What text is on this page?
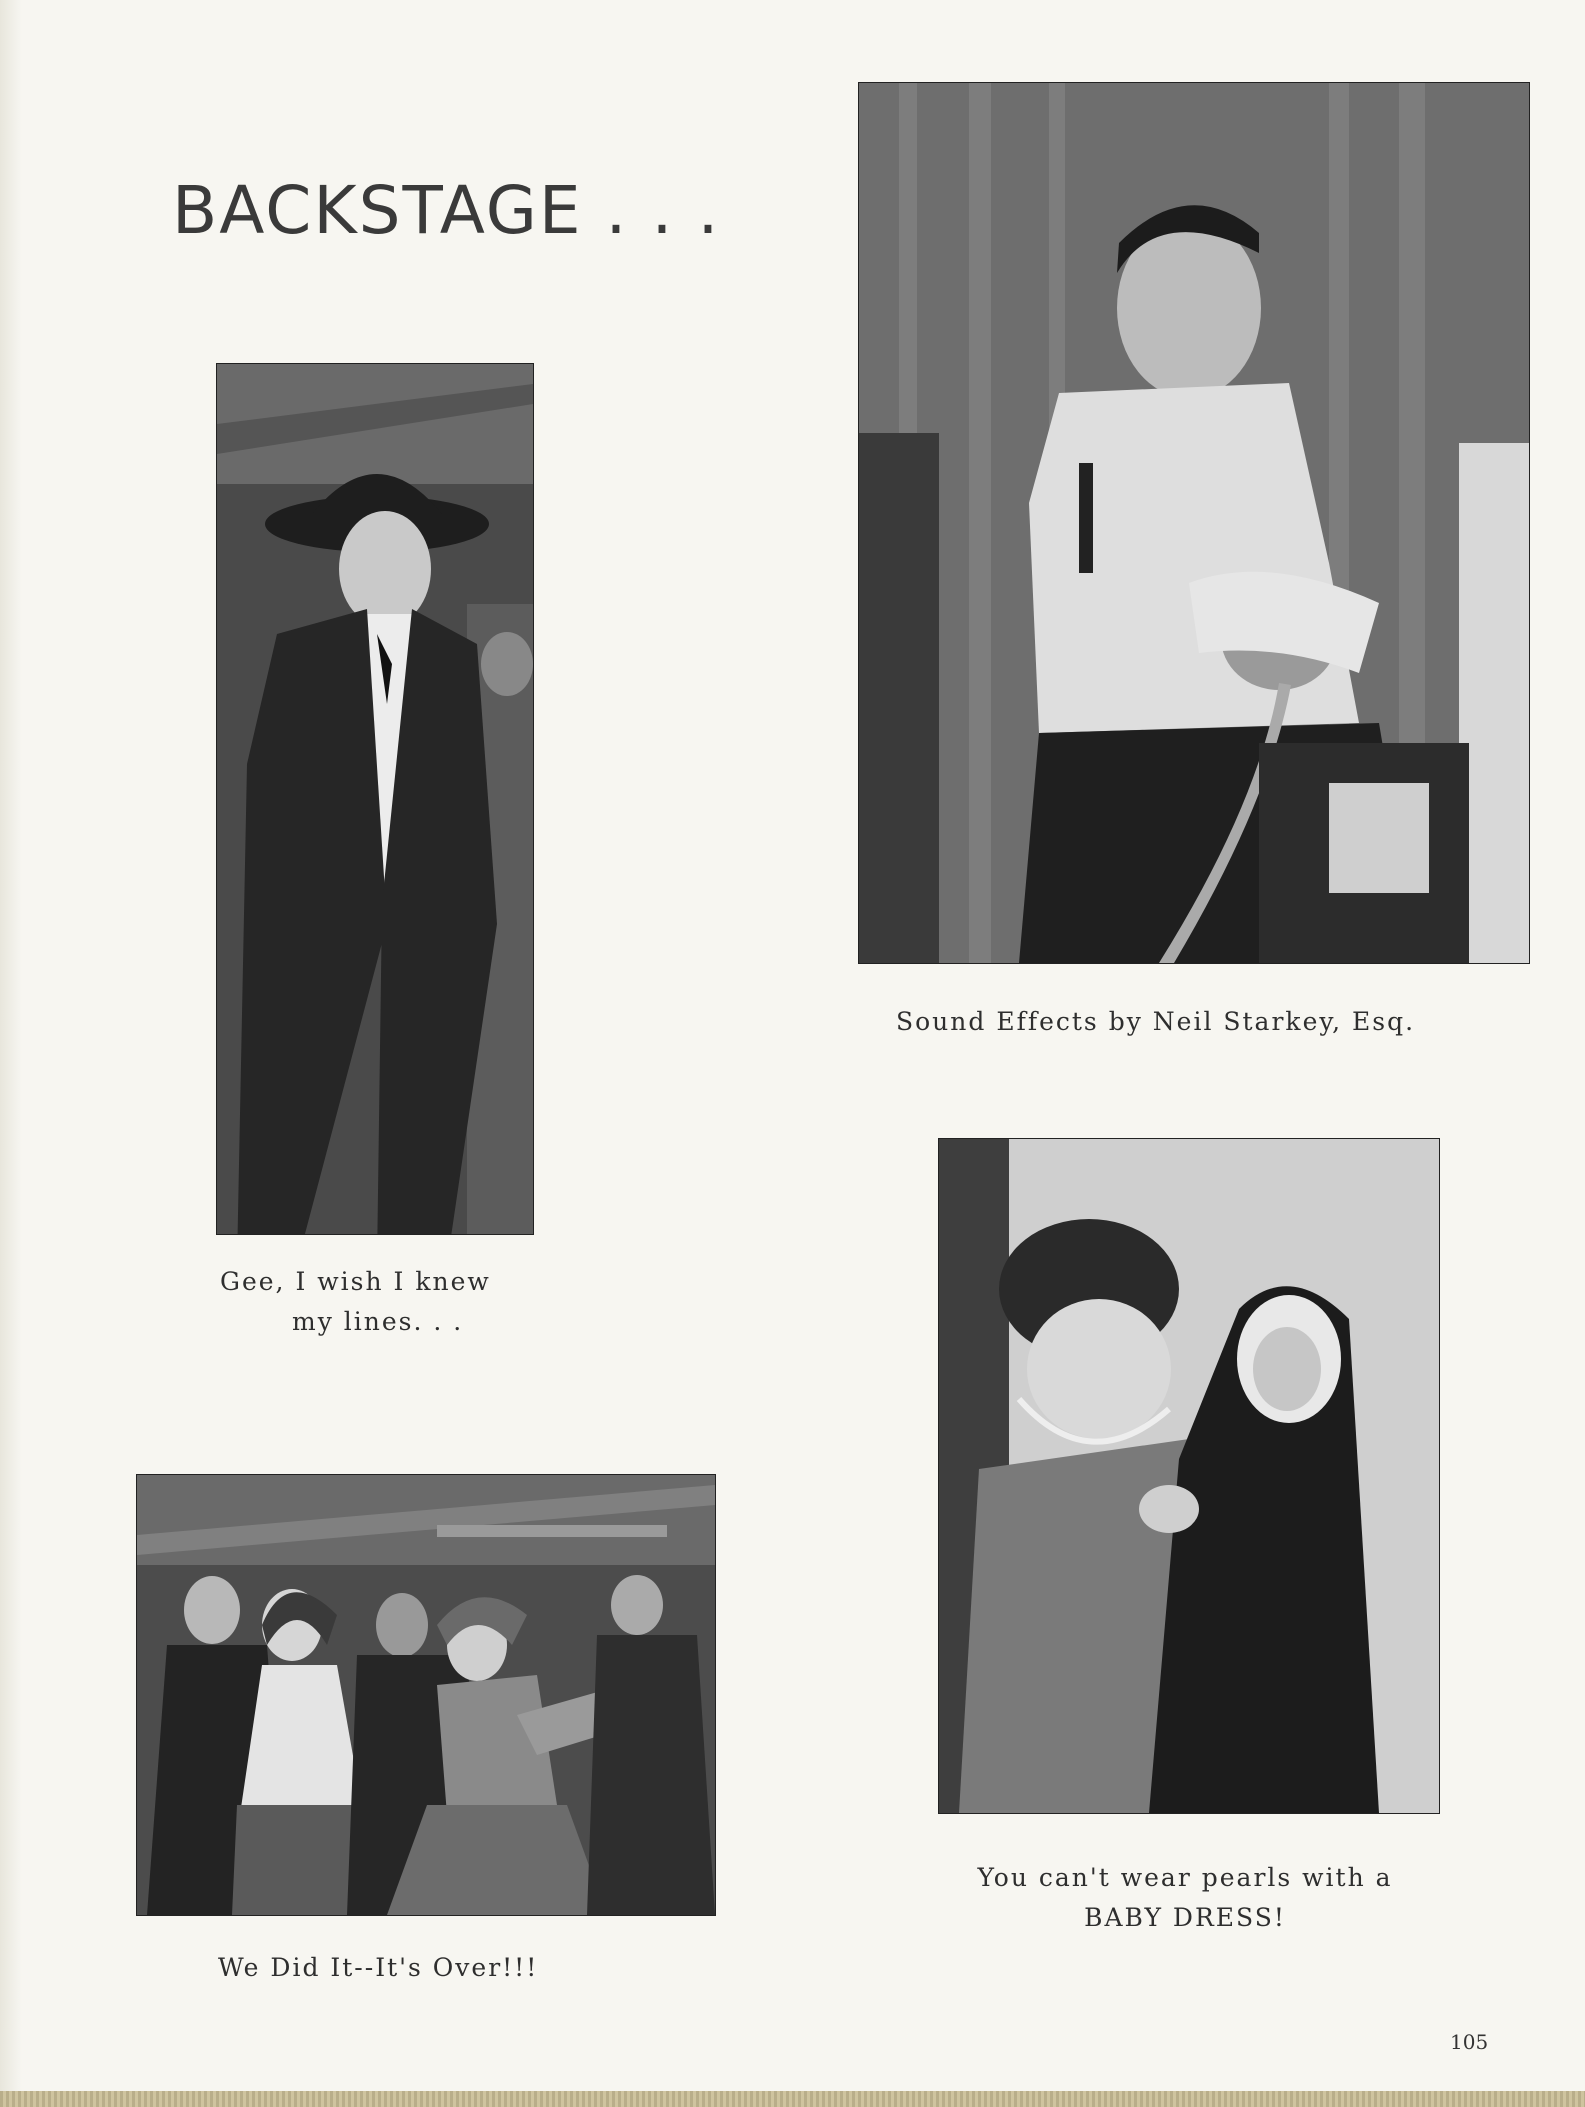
BACKSTAGE . . .
Gee, I wish I knew
my lines. . .
Sound Effects by Neil Starkey, Esq.
You can't wear pearls with a
BABY DRESS!
We Did It--It's Over!!!
105
